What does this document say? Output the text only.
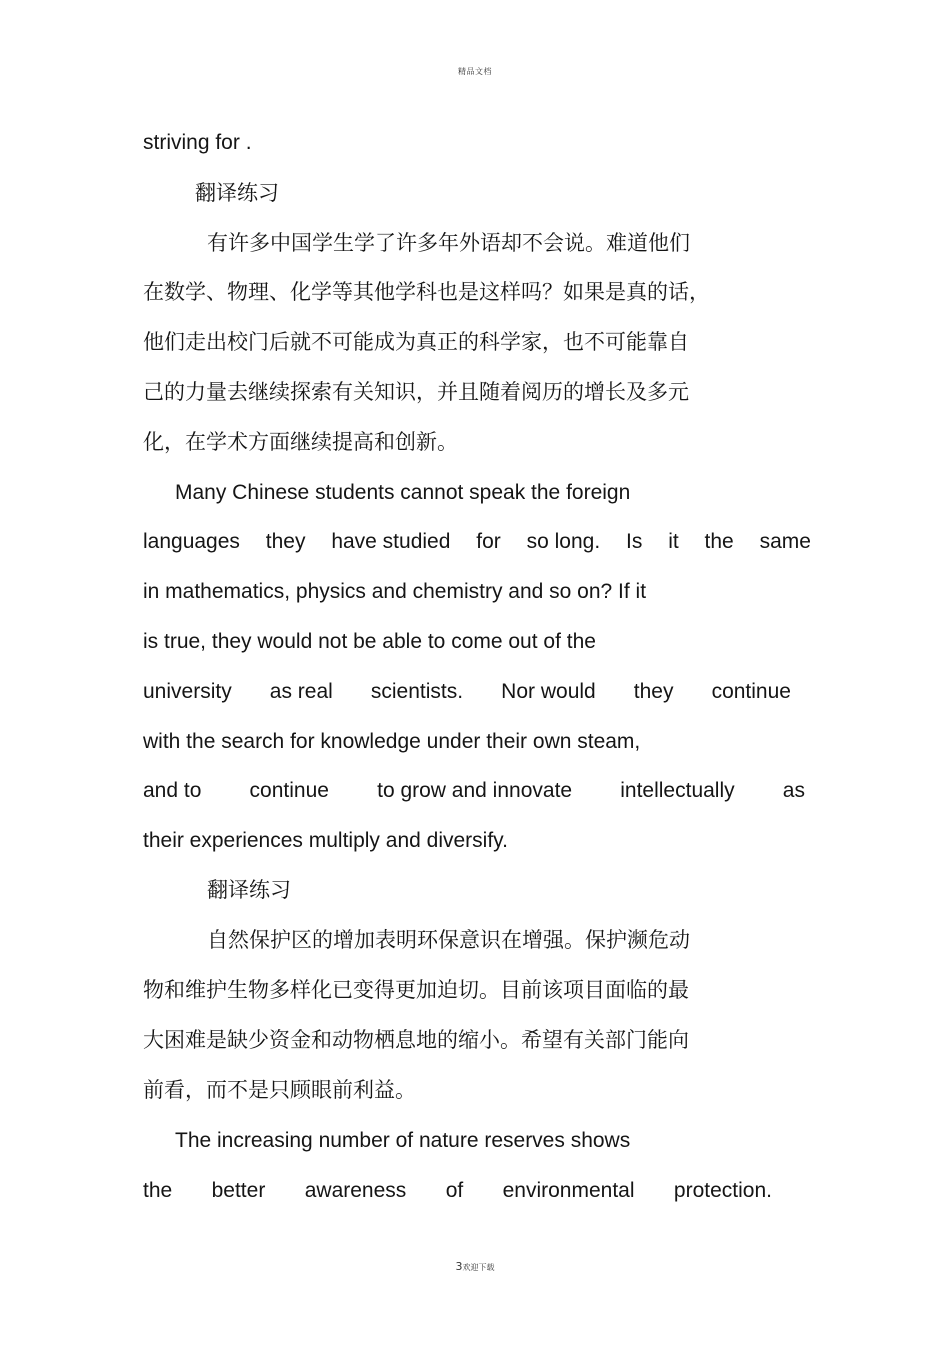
精品文档
striving for .
翻译练习
有许多中国学生学了许多年外语却不会说。难道他们
在数学、物理、化学等其他学科也是这样吗？如果是真的话，
他们走出校门后就不可能成为真正的科学家，也不可能靠自
己的力量去继续探索有关知识，并且随着阅历的增长及多元
化，在学术方面继续提高和创新。
Many Chinese students cannot speak the foreign
languages they have studied for so long. Is it the same
in mathematics, physics and chemistry and so on? If it
is true, they would not be able to come out of the
university as real scientists. Nor would they continue
with the search for knowledge under their own steam,
and to continue to grow and innovate intellectually as
their experiences multiply and diversify.
翻译练习
自然保护区的增加表明环保意识在增强。保护濒危动
物和维护生物多样化已变得更加迫切。目前该项目面临的最
大困难是缺少资金和动物栖息地的缩小。希望有关部门能向
前看，而不是只顾眼前利益。
The increasing number of nature reserves shows
the better awareness of environmental protection.
3欢迎下载
